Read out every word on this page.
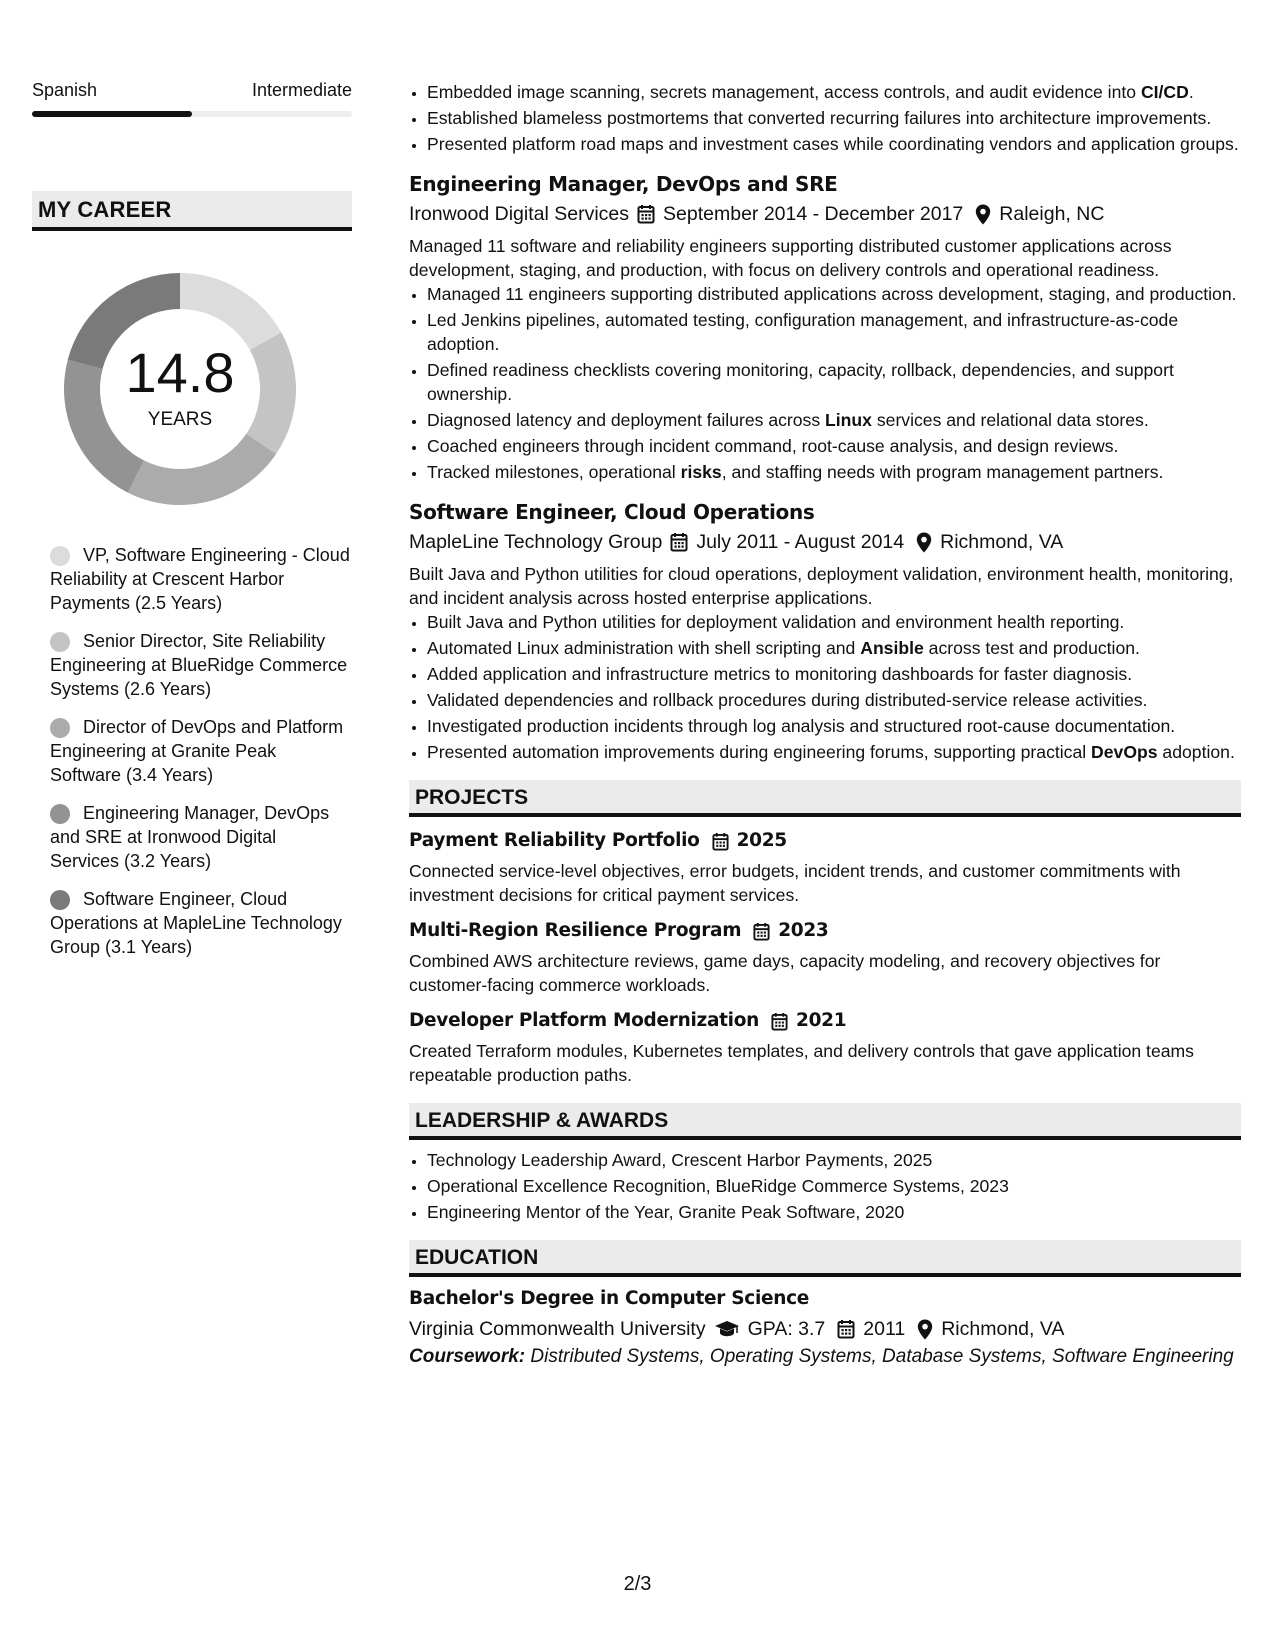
Spanish	Intermediate
MY CAREER
14.8
YEARS
VP, Software Engineering - Cloud Reliability at Crescent Harbor Payments (2.5 Years)
Senior Director, Site Reliability Engineering at BlueRidge Commerce Systems (2.6 Years)
Director of DevOps and Platform Engineering at Granite Peak Software (3.4 Years)
Engineering Manager, DevOps and SRE at Ironwood Digital Services (3.2 Years)
Software Engineer, Cloud Operations at MapleLine Technology Group (3.1 Years)
• Embedded image scanning, secrets management, access controls, and audit evidence into CI/CD.
• Established blameless postmortems that converted recurring failures into architecture improvements.
• Presented platform road maps and investment cases while coordinating vendors and application groups.
Engineering Manager, DevOps and SRE
Ironwood Digital Services September 2014 - December 2017 Raleigh, NC
Managed 11 software and reliability engineers supporting distributed customer applications across development, staging, and production, with focus on delivery controls and operational readiness.
• Managed 11 engineers supporting distributed applications across development, staging, and production.
• Led Jenkins pipelines, automated testing, configuration management, and infrastructure-as-code adoption.
• Defined readiness checklists covering monitoring, capacity, rollback, dependencies, and support ownership.
• Diagnosed latency and deployment failures across Linux services and relational data stores.
• Coached engineers through incident command, root-cause analysis, and design reviews.
• Tracked milestones, operational risks, and staffing needs with program management partners.
Software Engineer, Cloud Operations
MapleLine Technology Group July 2011 - August 2014 Richmond, VA
Built Java and Python utilities for cloud operations, deployment validation, environment health, monitoring, and incident analysis across hosted enterprise applications.
• Built Java and Python utilities for deployment validation and environment health reporting.
• Automated Linux administration with shell scripting and Ansible across test and production.
• Added application and infrastructure metrics to monitoring dashboards for faster diagnosis.
• Validated dependencies and rollback procedures during distributed-service release activities.
• Investigated production incidents through log analysis and structured root-cause documentation.
• Presented automation improvements during engineering forums, supporting practical DevOps adoption.
PROJECTS
Payment Reliability Portfolio 2025
Connected service-level objectives, error budgets, incident trends, and customer commitments with investment decisions for critical payment services.
Multi-Region Resilience Program 2023
Combined AWS architecture reviews, game days, capacity modeling, and recovery objectives for customer-facing commerce workloads.
Developer Platform Modernization 2021
Created Terraform modules, Kubernetes templates, and delivery controls that gave application teams repeatable production paths.
LEADERSHIP & AWARDS
• Technology Leadership Award, Crescent Harbor Payments, 2025
• Operational Excellence Recognition, BlueRidge Commerce Systems, 2023
• Engineering Mentor of the Year, Granite Peak Software, 2020
EDUCATION
Bachelor's Degree in Computer Science
Virginia Commonwealth University GPA: 3.7 2011 Richmond, VA
Coursework: Distributed Systems, Operating Systems, Database Systems, Software Engineering
2/3
